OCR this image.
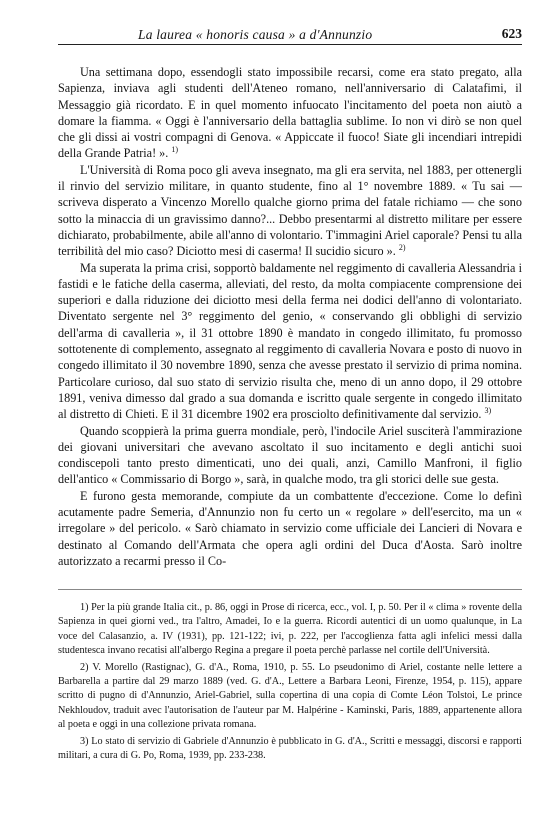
La laurea « honoris causa » a d'Annunzio	623

Una settimana dopo, essendogli stato impossibile recarsi, come era stato pregato, alla Sapienza, inviava agli studenti dell'Ateneo romano, nell'anniversario di Calatafimi, il Messaggio già ricordato. E in quel momento infuocato l'incitamento del poeta non aiutò a domare la fiamma. « Oggi è l'anniversario della battaglia sublime. Io non vi dirò se non quel che gli dissi ai vostri compagni di Genova. « Appiccate il fuoco! Siate gli incendiari intrepidi della Grande Patria! ». $^{1)}$

L'Università di Roma poco gli aveva insegnato, ma gli era servita, nel 1883, per ottenergli il rinvio del servizio militare, in quanto studente, fino al 1° novembre 1889. « Tu sai — scriveva disperato a Vincenzo Morello qualche giorno prima del fatale richiamo — che sono sotto la minaccia di un gravissimo danno?... Debbo presentarmi al distretto militare per essere dichiarato, probabilmente, abile all'anno di volontario. T'immagini Ariel caporale? Pensi tu alla terribilità del mio caso? Diciotto mesi di caserma! Il sucidio sicuro ». $^{2)}$

Ma superata la prima crisi, sopportò baldamente nel reggimento di cavalleria Alessandria i fastidi e le fatiche della caserma, alleviati, del resto, da molta compiacente comprensione dei superiori e dalla riduzione dei diciotto mesi della ferma nei dodici dell'anno di volontariato. Diventato sergente nel 3° reggimento del genio, « conservando gli obblighi di servizio dell'arma di cavalleria », il 31 ottobre 1890 è mandato in congedo illimitato, fu promosso sottotenente di complemento, assegnato al reggimento di cavalleria Novara e posto di nuovo in congedo illimitato il 30 novembre 1890, senza che avesse prestato il servizio di prima nomina. Particolare curioso, dal suo stato di servizio risulta che, meno di un anno dopo, il 29 ottobre 1891, veniva dimesso dal grado a sua domanda e iscritto quale sergente in congedo illimitato al distretto di Chieti. E il 31 dicembre 1902 era prosciolto definitivamente dal servizio. $^{3)}$

Quando scoppierà la prima guerra mondiale, però, l'indocile Ariel susciterà l'ammirazione dei giovani universitari che avevano ascoltato il suo incitamento e degli antichi suoi condiscepoli tanto presto dimenticati, uno dei quali, anzi, Camillo Manfroni, il figlio dell'antico « Commissario di Borgo », sarà, in qualche modo, tra gli storici delle sue gesta.

E furono gesta memorande, compiute da un combattente d'eccezione. Come lo definì acutamente padre Semeria, d'Annunzio non fu certo un « regolare » dell'esercito, ma un « irregolare » del pericolo. « Sarò chiamato in servizio come ufficiale dei Lancieri di Novara e destinato al Comando dell'Armata che opera agli ordini del Duca d'Aosta. Sarò inoltre autorizzato a recarmi presso il Co-

1) Per la più grande Italia cit., p. 86, oggi in Prose di ricerca, ecc., vol. I, p. 50. Per il « clima » rovente della Sapienza in quei giorni ved., tra l'altro, Amadei, Io e la guerra. Ricordi autentici di un uomo qualunque, in La voce del Calasanzio, a. IV (1931), pp. 121-122; ivi, p. 222, per l'accoglienza fatta agli infelici messi dalla studentesca invano recatisi all'albergo Regina a pregare il poeta perchè parlasse nel cortile dell'Università.

2) V. Morello (Rastignac), G. d'A., Roma, 1910, p. 55. Lo pseudonimo di Ariel, costante nelle lettere a Barbarella a partire dal 29 marzo 1889 (ved. G. d'A., Lettere a Barbara Leoni, Firenze, 1954, p. 115), appare scritto di pugno di d'Annunzio, Ariel-Gabriel, sulla copertina di una copia di Comte Léon Tolstoi, Le prince Nekhloudov, traduit avec l'autorisation de l'auteur par M. Halpérine - Kaminski, Paris, 1889, appartenente allora al poeta e oggi in una collezione privata romana.

3) Lo stato di servizio di Gabriele d'Annunzio è pubblicato in G. d'A., Scritti e messaggi, discorsi e rapporti militari, a cura di G. Po, Roma, 1939, pp. 233-238.
